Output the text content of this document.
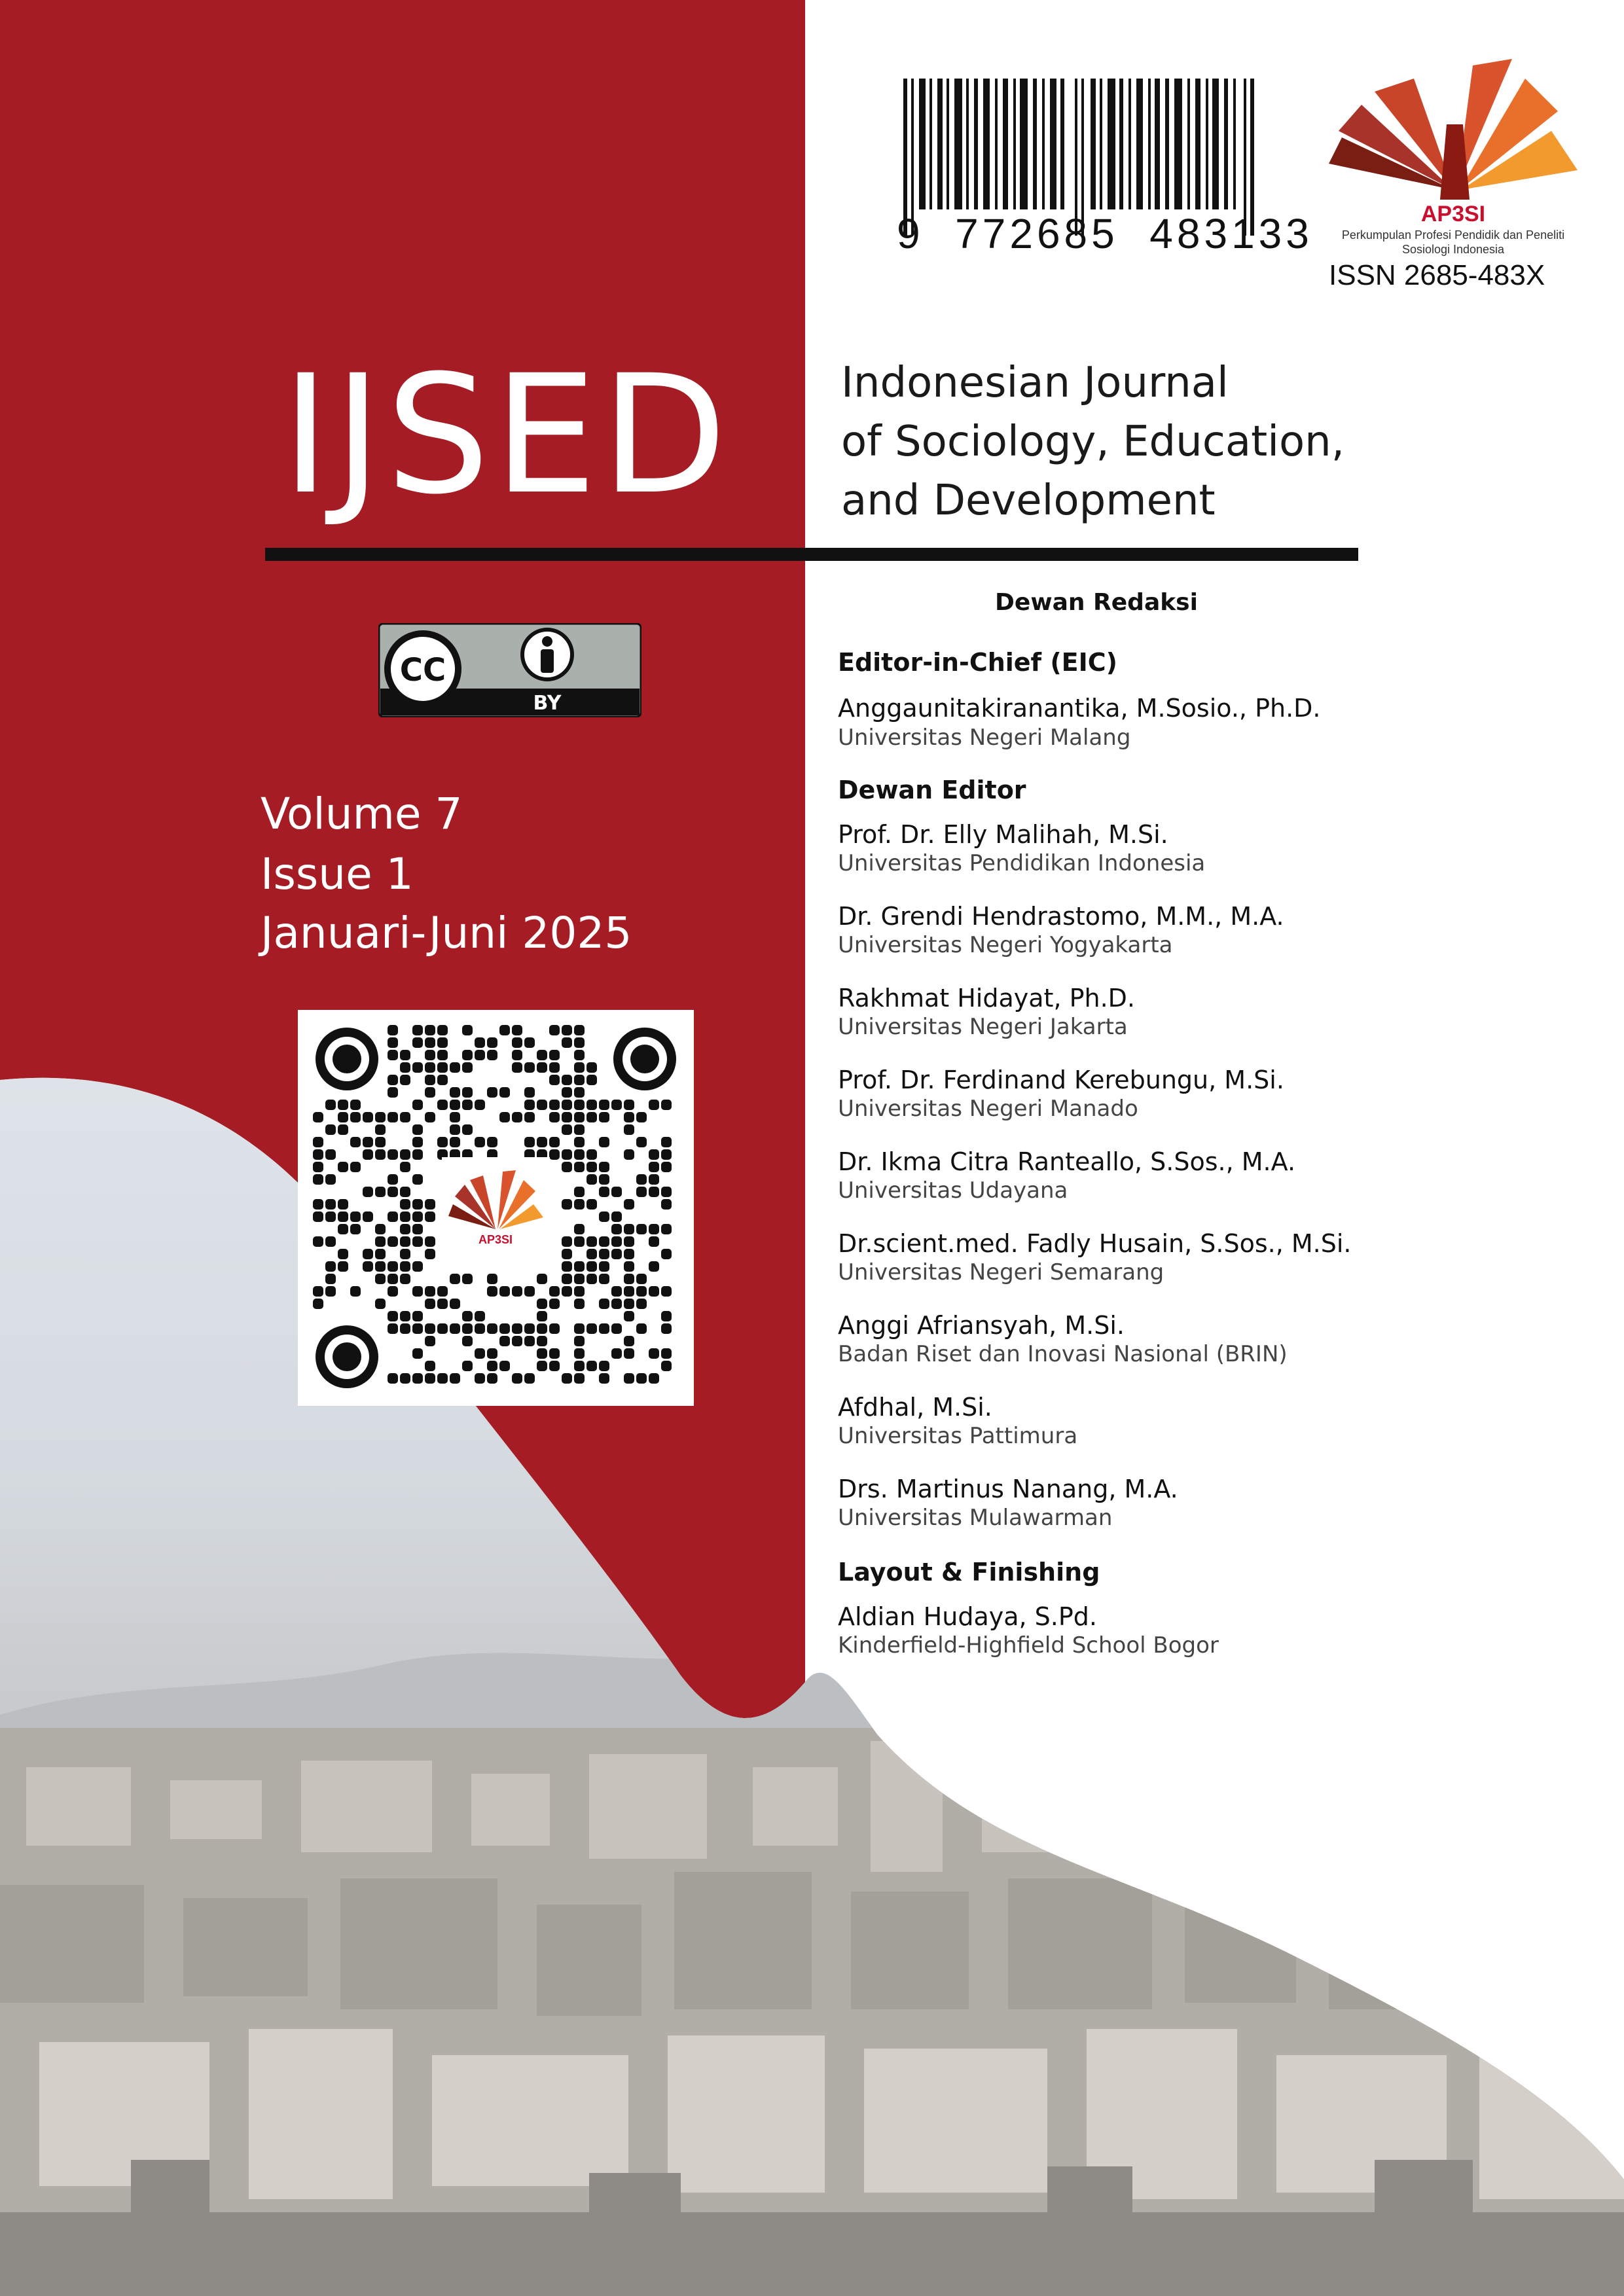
9  772685  483133	AP3SI
Perkumpulan Profesi Pendidik dan Peneliti
Sosiologi Indonesia
ISSN 2685-483X
IJSED	Indonesian Journal
of Sociology, Education,
and Development
CC
BY
Volume 7
Issue 1
Januari-Juni 2025
AP3SI
Dewan Redaksi
Editor-in-Chief (EIC)
Anggaunitakiranantika, M.Sosio., Ph.D.
Universitas Negeri Malang
Dewan Editor
Prof. Dr. Elly Malihah, M.Si.
Universitas Pendidikan Indonesia
Dr. Grendi Hendrastomo, M.M., M.A.
Universitas Negeri Yogyakarta
Rakhmat Hidayat, Ph.D.
Universitas Negeri Jakarta
Prof. Dr. Ferdinand Kerebungu, M.Si.
Universitas Negeri Manado
Dr. Ikma Citra Ranteallo, S.Sos., M.A.
Universitas Udayana
Dr.scient.med. Fadly Husain, S.Sos., M.Si.
Universitas Negeri Semarang
Anggi Afriansyah, M.Si.
Badan Riset dan Inovasi Nasional (BRIN)
Afdhal, M.Si.
Universitas Pattimura
Drs. Martinus Nanang, M.A.
Universitas Mulawarman
Layout & Finishing
Aldian Hudaya, S.Pd.
Kinderfield-Highfield School Bogor
